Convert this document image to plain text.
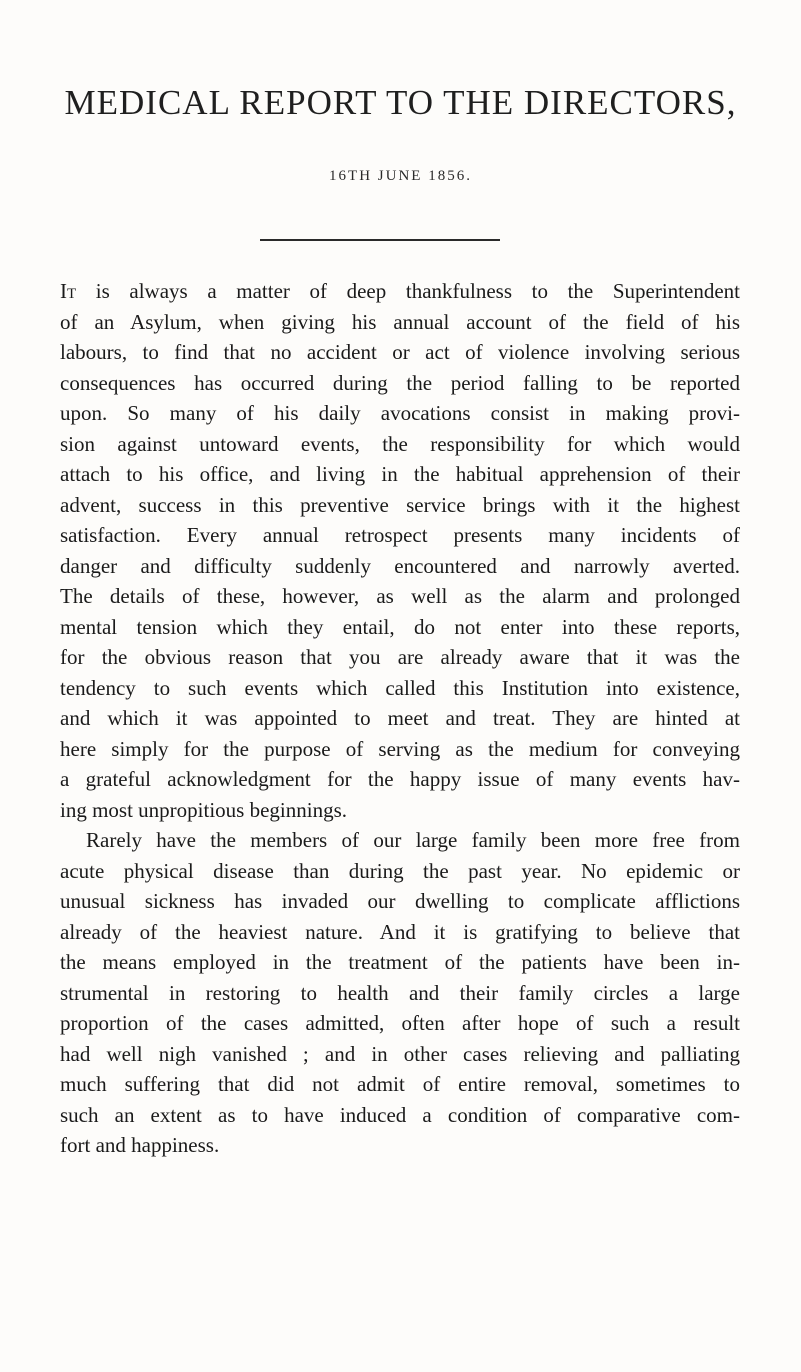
MEDICAL REPORT TO THE DIRECTORS,
16TH JUNE 1856.
It is always a matter of deep thankfulness to the Superintendent
of an Asylum, when giving his annual account of the field of his
labours, to find that no accident or act of violence involving serious
consequences has occurred during the period falling to be reported
upon. So many of his daily avocations consist in making provi-
sion against untoward events, the responsibility for which would
attach to his office, and living in the habitual apprehension of their
advent, success in this preventive service brings with it the highest
satisfaction. Every annual retrospect presents many incidents of
danger and difficulty suddenly encountered and narrowly averted.
The details of these, however, as well as the alarm and prolonged
mental tension which they entail, do not enter into these reports,
for the obvious reason that you are already aware that it was the
tendency to such events which called this Institution into existence,
and which it was appointed to meet and treat. They are hinted at
here simply for the purpose of serving as the medium for conveying
a grateful acknowledgment for the happy issue of many events hav-
ing most unpropitious beginnings.
Rarely have the members of our large family been more free from
acute physical disease than during the past year. No epidemic or
unusual sickness has invaded our dwelling to complicate afflictions
already of the heaviest nature. And it is gratifying to believe that
the means employed in the treatment of the patients have been in-
strumental in restoring to health and their family circles a large
proportion of the cases admitted, often after hope of such a result
had well nigh vanished ; and in other cases relieving and palliating
much suffering that did not admit of entire removal, sometimes to
such an extent as to have induced a condition of comparative com-
fort and happiness.
